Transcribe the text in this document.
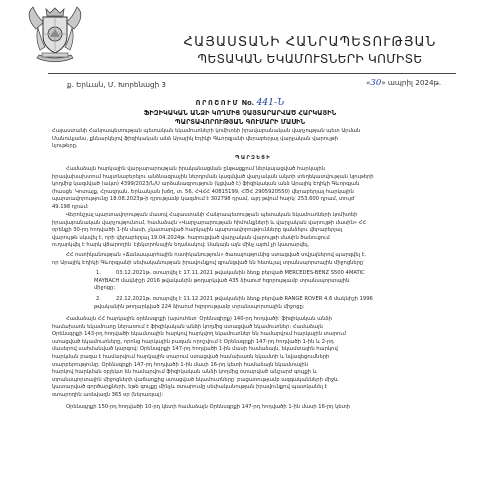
ՀԱՅԱՍՏԱՆԻ ՀԱՆՐԱՊԵՏՈՒԹՅԱՆ
ՊԵՏԱԿԱՆ ԵԿԱՄՈՒՏՆԵՐԻ ԿՈՄԻՏԵ
ք. Երևան, Մ. Խորենացի 3	«30» ապրիլ 2024թ.
ՈՐՈՇՈՒՄ No. 441-Ն
ՖԻԶԻԿԱԿԱՆ ԱՆՁԻ ԿՈՂՄԻՑ ՉԱՅՏԱՐԱՐՎԱԾ ՀԱՐԿԱՅԻՆ
ՊԱՐՏԱՎՈՐՈՒԹՅԱՆ ԳՈՒՄԱՐԻ ՄԱՍԻՆ
Հայաստանի Հանրապետության պետական եկամուտների կոմիտեի իրավաբանական վարչության պետ Արման
Մանուկյանս, քննարկելով ֆիզիկական անձ Արայիկ Էդիկի Գևորգյանի վերաբերյալ վարչական վարույթի
նյութերը,
ՊԱՐԶԵՑԻ
Համաձայն հարկային վարչարարության իրականացման ընթացքում ներկայացված հարկային
իրավախախտում հայտնաբերելու անձնագրային ներդրման կազմված վարչական ակտի տեղեկատվության նյութերի
կողմից կազմված (ակտ) 4399/2023/Ն/Ս արձանագրություն (կցված է) ֆիզիկական անձ Արայիկ Էդիկի Գևորգյան
(հասցե՝ Կոտայք, Հրազդան, Երևանյան խճղ, տ. 56, ՀՎՀՀ 40815199, ՀԾՀ 2905920550) վերաբերյալ հարկային
պարտավորությունը 18.08.2023թ-ի դրությամբ կազմում է 302798 դրամ, այդ թվում հարկ՝ 253.600 դրամ, տույժ՝
49.198 դրամ:
Վերոնշյալ պարտավորության մասով Հայաստանի Հանրապետության պետական եկամուտների կոմիտեի
իրավաբանական վարչությունում, համաձայն «Վարչարարության հիմունքների և վարչական վարույթի մասին» ՀՀ
օրենքի 30-րդ հոդվածի 1-ին մասի, չկատարված հարկային պարտավորությունները գանձելու վերաբերյալ
վարույթն սկսվել է, որի վերաբերյալ 19.04.2024թ. հարուցված վարչական վարույթի մասին ծանուցում
ուղարկվել է հարկ վճարողին՝ էլեկտրոնային եղանակով: Սակայն այն մինչ այժմ չի կատարվել,
ՀՀ ոստիկանության «Ճանապարհային ոստիկանություն» ծառայությունից ստացված տվյալներով պարզվել է,
որ Արայիկ Էդիկի Գևորգյանի սեփականության իրավունքով գրանցված են հետևյալ տրանսպորտային միջոցները՝
1.	03.12.2021թ. օտարվել է 17.11.2021 թվականին ձեռք բերված MERCEDES-BENZ S500 4MATIC
MAYBACH մակնիշի 2016 թվականին թողարկված 435 ձիաուժ հզորությամբ տրանսպորտային
միջոցը:
2.	22.12.2021թ. օտարվել է 11.12.2021 թվականին ձեռք բերված RANGE ROVER 4.6 մակնիշի 1996
թվականին թողարկված 224 ձիաուժ հզորությամբ տրանսպորտային միջոցը:
Համաձայն ՀՀ հարկային օրենսգրքի (այսուհետ՝ Օրենսգիրք) 140-րդ հոդվածի՝ ֆիզիկական անձի
համախառն եկամուտը ներառում է ֆիզիկական անձի կողմից ստացված եկամուտներ: Համաձայն
Օրենսգրքի 143-րդ հոդվածի եկամտային հարկով հարկվող եկամուտներ են համարվում հարկային տարում
ստացված եկամուտները, որոնց հարկային բազան որոշվում է Օրենսգրքի 147-րդ հոդվածի 1-ին և 2-րդ
մասերով սահմանված կարգով: Օրենսգրքի 147-րդ հոդվածի 1-ին մասի համաձայն, եկամտային հարկով
հարկման բազա է համարվում հարկային տարում ստացված համախառն եկամտի և նվազեցումների
տարբերությունը: Օրենսգրքի 147-րդ հոդվածի 1-ին մասի 16-րդ կետի համաձայն եկամտային
հարկով հարկման օբյեկտ են համարվում ֆիզիկական անձի կողմից օտարված անշարժ գույքի և
տրանսպորտային միջոցների վաճառքից ստացված եկամուտները՝ բացառությամբ ազգականների միջև
կատարված գործարքների, եթե գույքը մինչև օտարումը սեփականության իրավունքով պատկանել է
օտարողին առնվազն 365 օր (ներառյալ):
Օրենսգրքի 150-րդ հոդվածի 10-րդ կետի համաձայն Օրենսգրքի 147-րդ հոդվածի 1-ին մասի 16-րդ կետի
